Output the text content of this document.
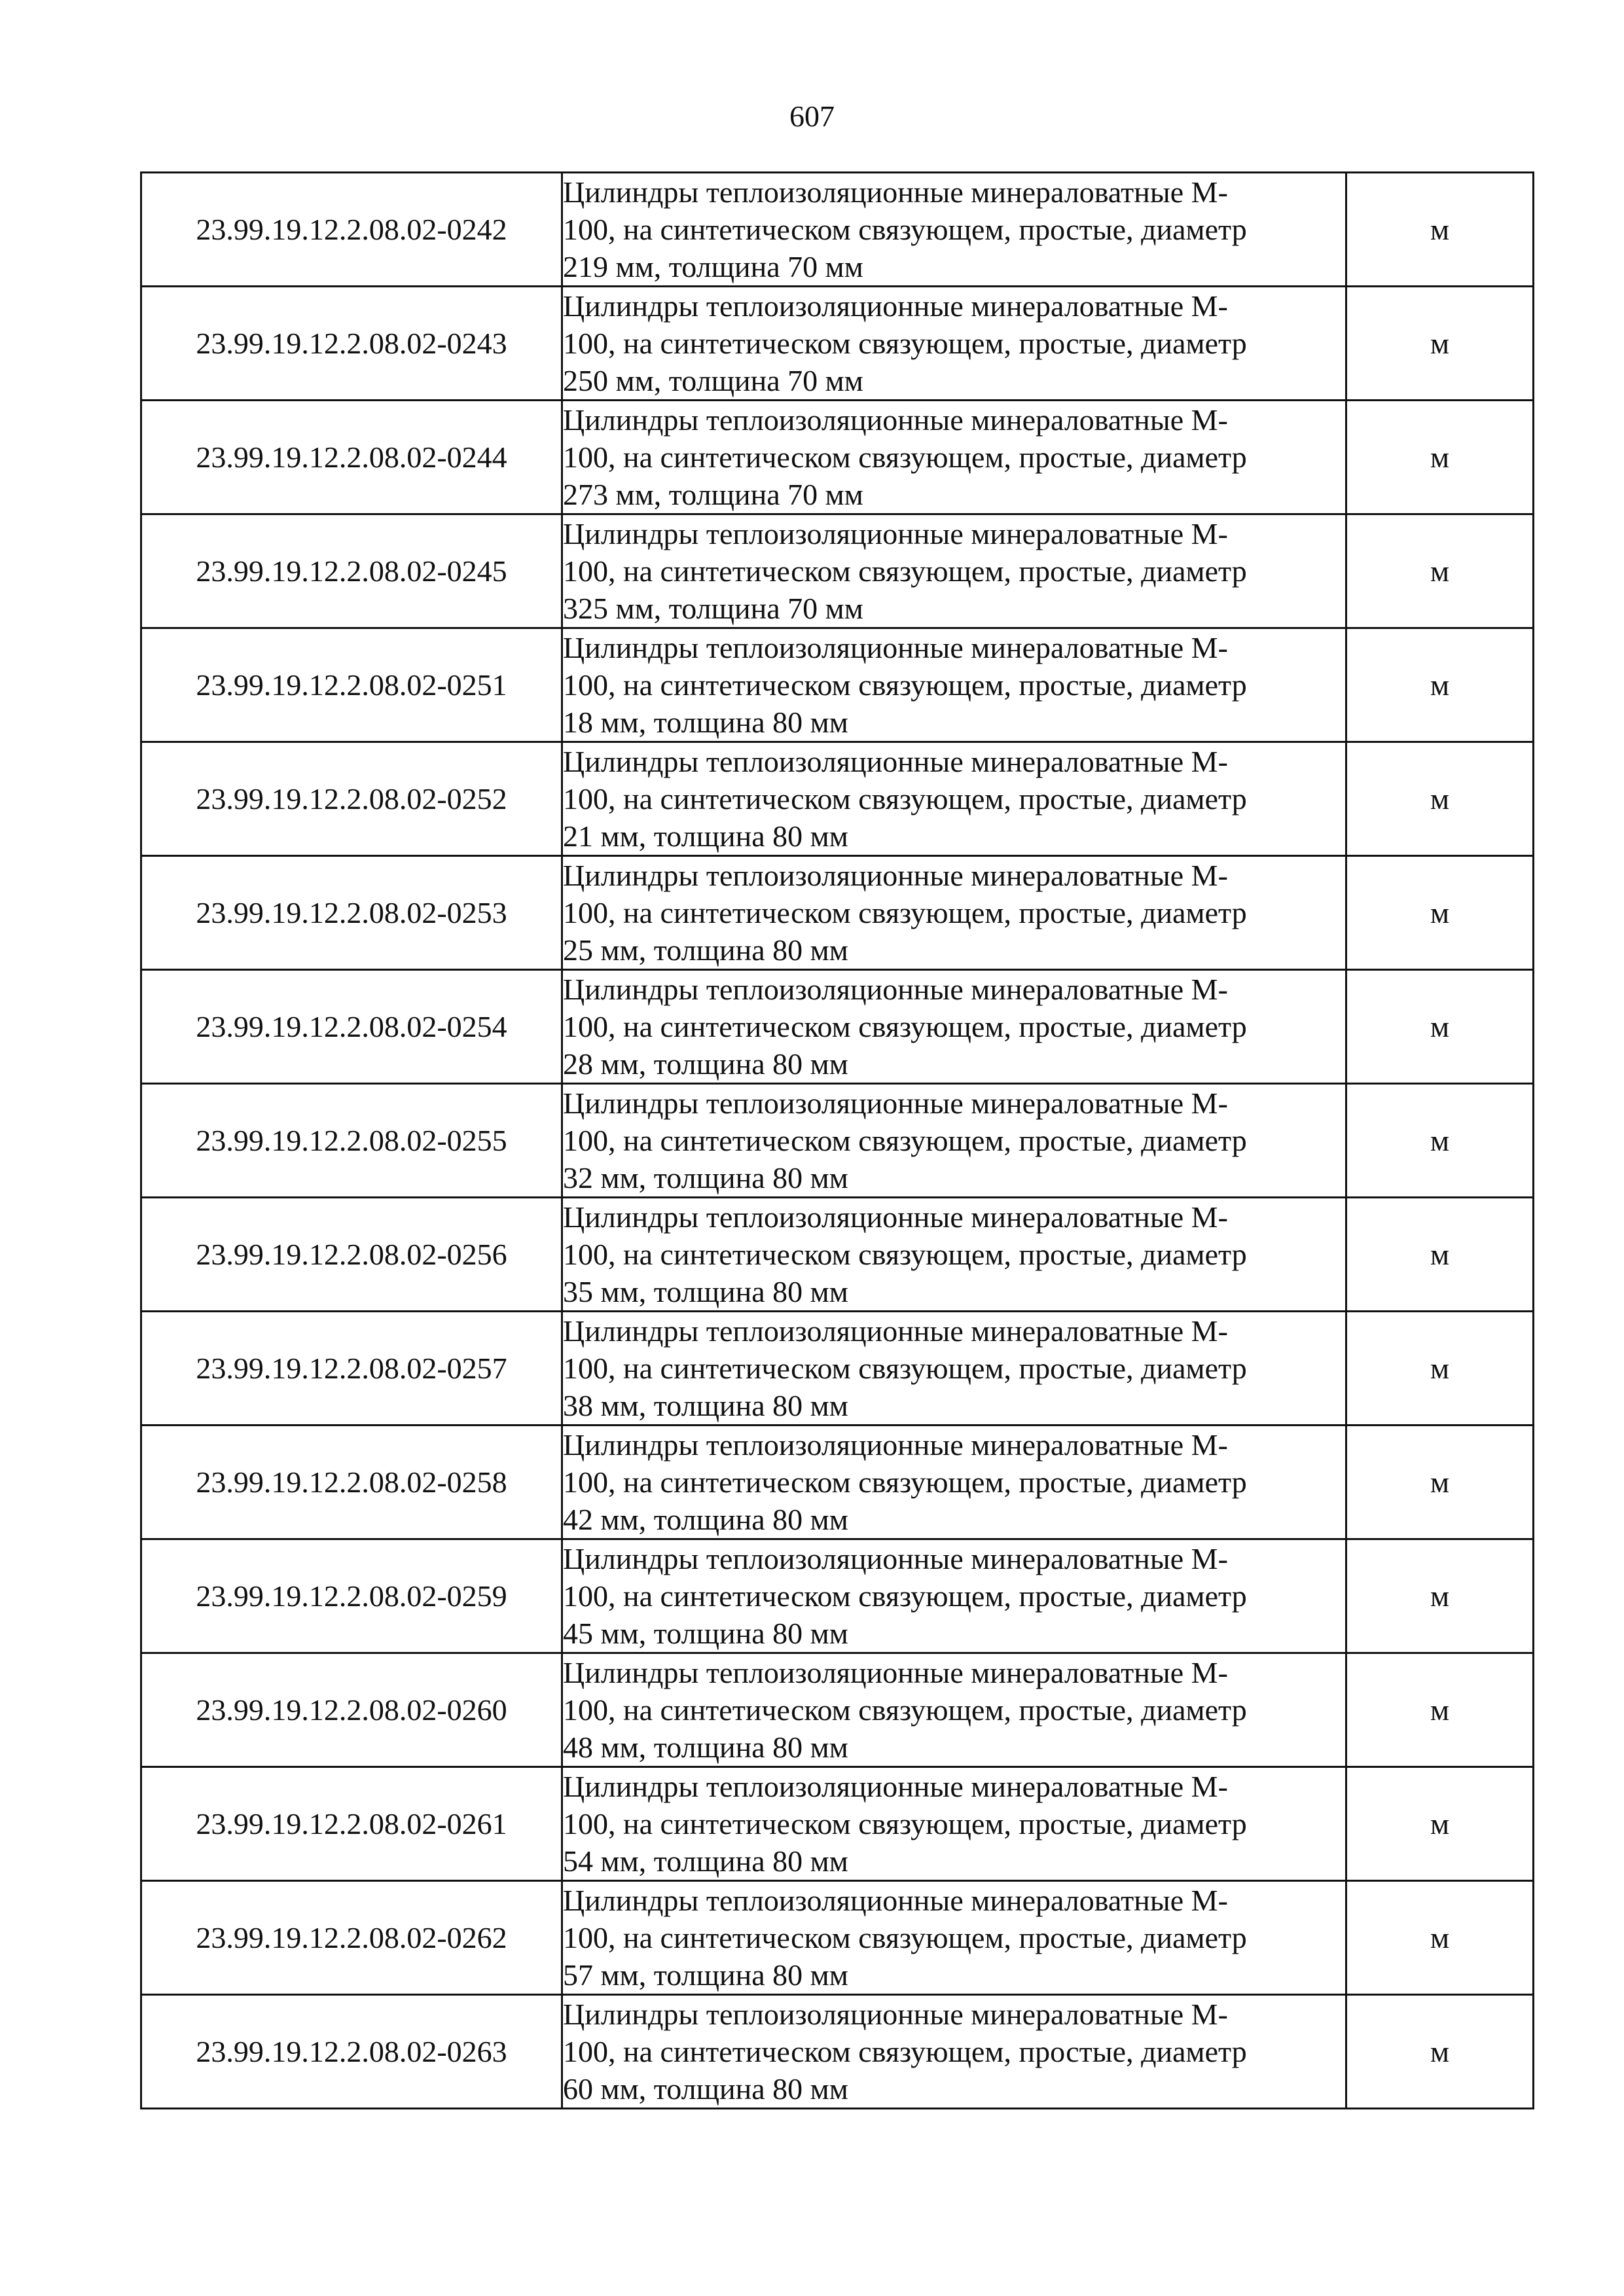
607
23.99.19.12.2.08.02-0242	Цилиндры теплоизоляционные минераловатные М-
100, на синтетическом связующем, простые, диаметр
219 мм, толщина 70 мм	м
23.99.19.12.2.08.02-0243	Цилиндры теплоизоляционные минераловатные М-
100, на синтетическом связующем, простые, диаметр
250 мм, толщина 70 мм	м
23.99.19.12.2.08.02-0244	Цилиндры теплоизоляционные минераловатные М-
100, на синтетическом связующем, простые, диаметр
273 мм, толщина 70 мм	м
23.99.19.12.2.08.02-0245	Цилиндры теплоизоляционные минераловатные М-
100, на синтетическом связующем, простые, диаметр
325 мм, толщина 70 мм	м
23.99.19.12.2.08.02-0251	Цилиндры теплоизоляционные минераловатные М-
100, на синтетическом связующем, простые, диаметр
18 мм, толщина 80 мм	м
23.99.19.12.2.08.02-0252	Цилиндры теплоизоляционные минераловатные М-
100, на синтетическом связующем, простые, диаметр
21 мм, толщина 80 мм	м
23.99.19.12.2.08.02-0253	Цилиндры теплоизоляционные минераловатные М-
100, на синтетическом связующем, простые, диаметр
25 мм, толщина 80 мм	м
23.99.19.12.2.08.02-0254	Цилиндры теплоизоляционные минераловатные М-
100, на синтетическом связующем, простые, диаметр
28 мм, толщина 80 мм	м
23.99.19.12.2.08.02-0255	Цилиндры теплоизоляционные минераловатные М-
100, на синтетическом связующем, простые, диаметр
32 мм, толщина 80 мм	м
23.99.19.12.2.08.02-0256	Цилиндры теплоизоляционные минераловатные М-
100, на синтетическом связующем, простые, диаметр
35 мм, толщина 80 мм	м
23.99.19.12.2.08.02-0257	Цилиндры теплоизоляционные минераловатные М-
100, на синтетическом связующем, простые, диаметр
38 мм, толщина 80 мм	м
23.99.19.12.2.08.02-0258	Цилиндры теплоизоляционные минераловатные М-
100, на синтетическом связующем, простые, диаметр
42 мм, толщина 80 мм	м
23.99.19.12.2.08.02-0259	Цилиндры теплоизоляционные минераловатные М-
100, на синтетическом связующем, простые, диаметр
45 мм, толщина 80 мм	м
23.99.19.12.2.08.02-0260	Цилиндры теплоизоляционные минераловатные М-
100, на синтетическом связующем, простые, диаметр
48 мм, толщина 80 мм	м
23.99.19.12.2.08.02-0261	Цилиндры теплоизоляционные минераловатные М-
100, на синтетическом связующем, простые, диаметр
54 мм, толщина 80 мм	м
23.99.19.12.2.08.02-0262	Цилиндры теплоизоляционные минераловатные М-
100, на синтетическом связующем, простые, диаметр
57 мм, толщина 80 мм	м
23.99.19.12.2.08.02-0263	Цилиндры теплоизоляционные минераловатные М-
100, на синтетическом связующем, простые, диаметр
60 мм, толщина 80 мм	м
